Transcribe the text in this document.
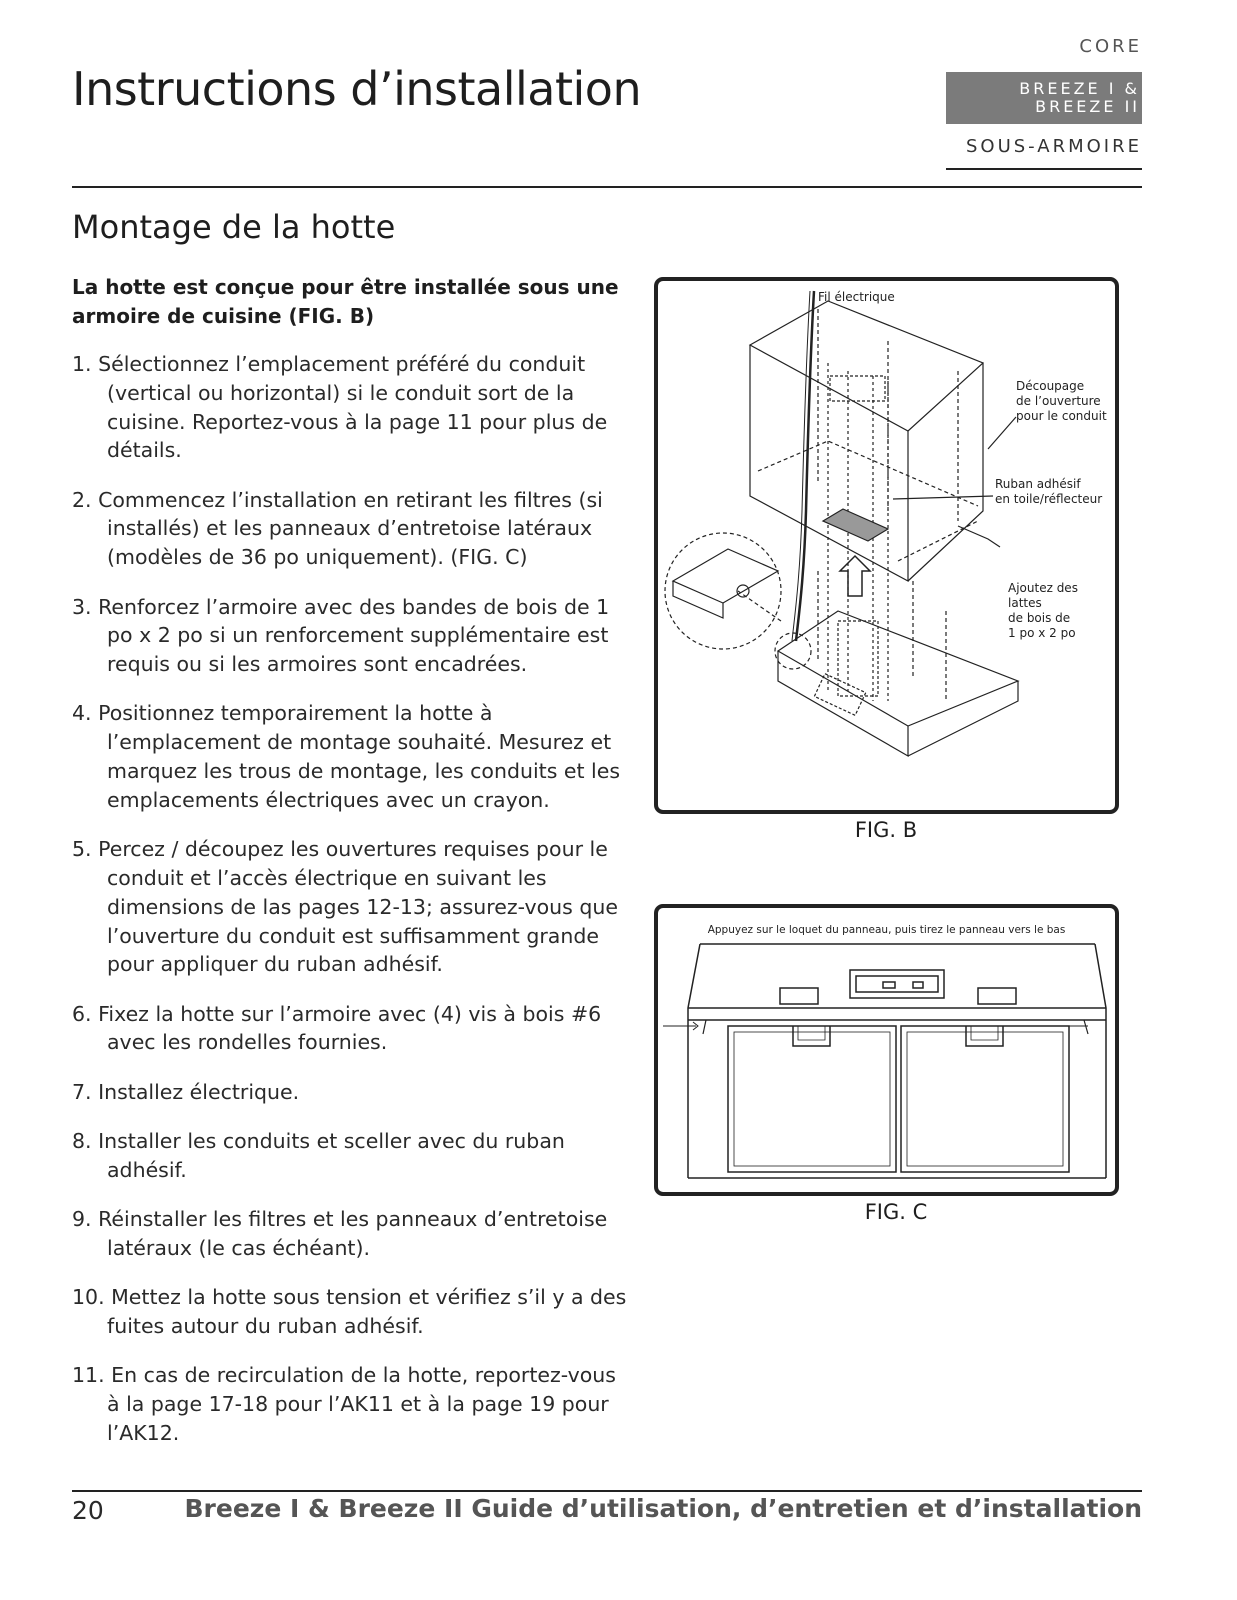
Instructions d’installation
CORE
BREEZE I &
BREEZE II
SOUS-ARMOIRE
Montage de la hotte
La hotte est conçue pour être installée sous une armoire de cuisine (FIG. B)
1. Sélectionnez l’emplacement préféré du conduit (vertical ou horizontal) si le conduit sort de la cuisine. Reportez-vous à la page 11 pour plus de détails.
2. Commencez l’installation en retirant les filtres (si installés) et les panneaux d’entretoise latéraux (modèles de 36 po uniquement). (FIG. C)
3. Renforcez l’armoire avec des bandes de bois de 1 po x 2 po si un renforcement supplémentaire est requis ou si les armoires sont encadrées.
4. Positionnez temporairement la hotte à l’emplacement de montage souhaité. Mesurez et marquez les trous de montage, les conduits et les emplacements électriques avec un crayon.
5. Percez / découpez les ouvertures requises pour le conduit et l’accès électrique en suivant les dimensions de las pages 12-13; assurez-vous que l’ouverture du conduit est suffisamment grande pour appliquer du ruban adhésif.
6. Fixez la hotte sur l’armoire avec (4) vis à bois #6 avec les rondelles fournies.
7. Installez électrique.
8. Installer les conduits et sceller avec du ruban adhésif.
9. Réinstaller les filtres et les panneaux d’entretoise latéraux (le cas échéant).
10. Mettez la hotte sous tension et vérifiez s’il y a des fuites autour du ruban adhésif.
11. En cas de recirculation de la hotte, reportez-vous à la page 17-18 pour l’AK11 et à la page 19 pour l’AK12.
Fil électrique
Découpage
de l’ouverture
pour le conduit
Ruban adhésif
en toile/réflecteur
Ajoutez des lattes
de bois de
1 po x 2 po
FIG. B
Appuyez sur le loquet du panneau, puis tirez le panneau vers le bas
FIG. C
20	Breeze I & Breeze II Guide d’utilisation, d’entretien et d’installation
